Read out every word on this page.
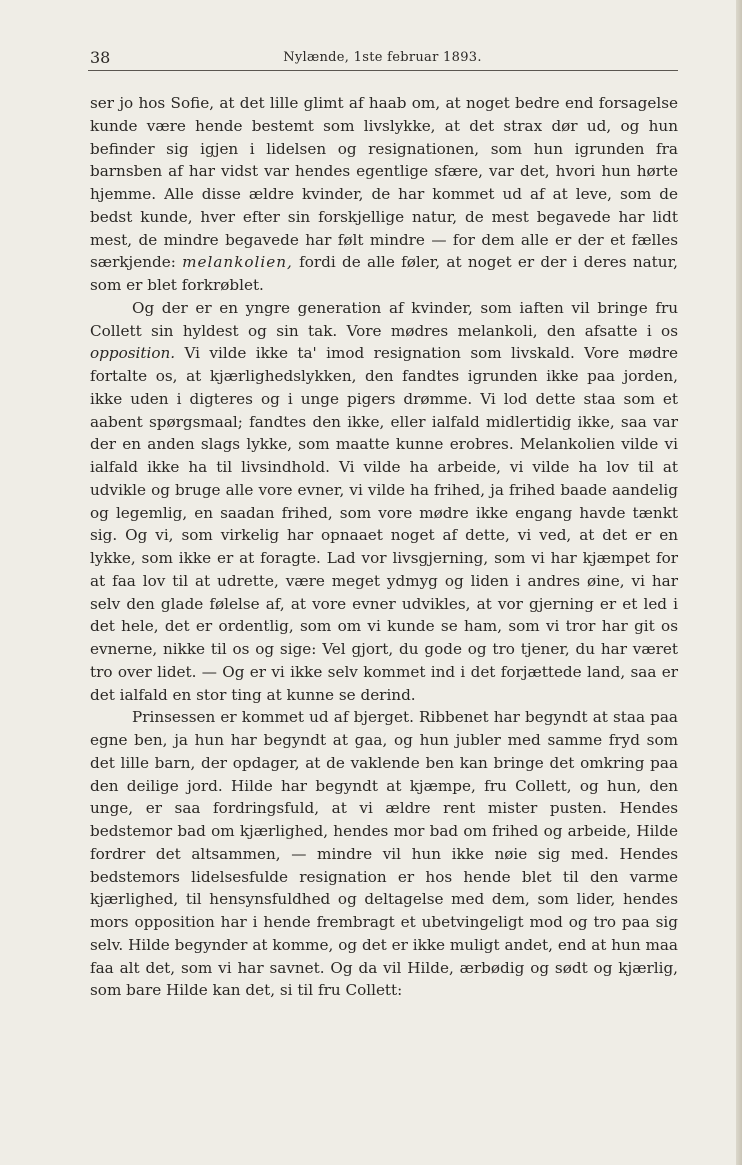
38	Nylænde, 1ste februar 1893.

ser jo hos Sofie, at det lille glimt af haab om, at noget bedre end forsagelse kunde være hende bestemt som livslykke, at det strax dør ud, og hun befinder sig igjen i lidelsen og resignationen, som hun igrunden fra barnsben af har vidst var hendes egentlige sfære, var det, hvori hun hørte hjemme. Alle disse ældre kvinder, de har kommet ud af at leve, som de bedst kunde, hver efter sin forskjellige natur, de mest begavede har lidt mest, de mindre begavede har følt mindre — for dem alle er der et fælles særkjende: melankolien, fordi de alle føler, at noget er der i deres natur, som er blet forkrøblet.

Og der er en yngre generation af kvinder, som iaften vil bringe fru Collett sin hyldest og sin tak. Vore mødres melankoli, den afsatte i os opposition. Vi vilde ikke ta' imod resignation som livskald. Vore mødre fortalte os, at kjærlighedslykken, den fandtes igrunden ikke paa jorden, ikke uden i digteres og i unge pigers drømme. Vi lod dette staa som et aabent spørgsmaal; fandtes den ikke, eller ialfald midlertidig ikke, saa var der en anden slags lykke, som maatte kunne erobres. Melankolien vilde vi ialfald ikke ha til livsindhold. Vi vilde ha arbeide, vi vilde ha lov til at udvikle og bruge alle vore evner, vi vilde ha frihed, ja frihed baade aandelig og legemlig, en saadan frihed, som vore mødre ikke engang havde tænkt sig. Og vi, som virkelig har opnaaet noget af dette, vi ved, at det er en lykke, som ikke er at foragte. Lad vor livsgjerning, som vi har kjæmpet for at faa lov til at udrette, være meget ydmyg og liden i andres øine, vi har selv den glade følelse af, at vore evner udvikles, at vor gjerning er et led i det hele, det er ordentlig, som om vi kunde se ham, som vi tror har git os evnerne, nikke til os og sige: Vel gjort, du gode og tro tjener, du har været tro over lidet. — Og er vi ikke selv kommet ind i det forjættede land, saa er det ialfald en stor ting at kunne se derind.

Prinsessen er kommet ud af bjerget. Ribbenet har begyndt at staa paa egne ben, ja hun har begyndt at gaa, og hun jubler med samme fryd som det lille barn, der opdager, at de vaklende ben kan bringe det omkring paa den deilige jord. Hilde har begyndt at kjæmpe, fru Collett, og hun, den unge, er saa fordringsfuld, at vi ældre rent mister pusten. Hendes bedstemor bad om kjærlighed, hendes mor bad om frihed og arbeide, Hilde fordrer det altsammen, — mindre vil hun ikke nøie sig med. Hendes bedstemors lidelsesfulde resignation er hos hende blet til den varme kjærlighed, til hensynsfuldhed og deltagelse med dem, som lider, hendes mors opposition har i hende frembragt et ubetvingeligt mod og tro paa sig selv. Hilde begynder at komme, og det er ikke muligt andet, end at hun maa faa alt det, som vi har savnet. Og da vil Hilde, ærbødig og sødt og kjærlig, som bare Hilde kan det, si til fru Collett:
